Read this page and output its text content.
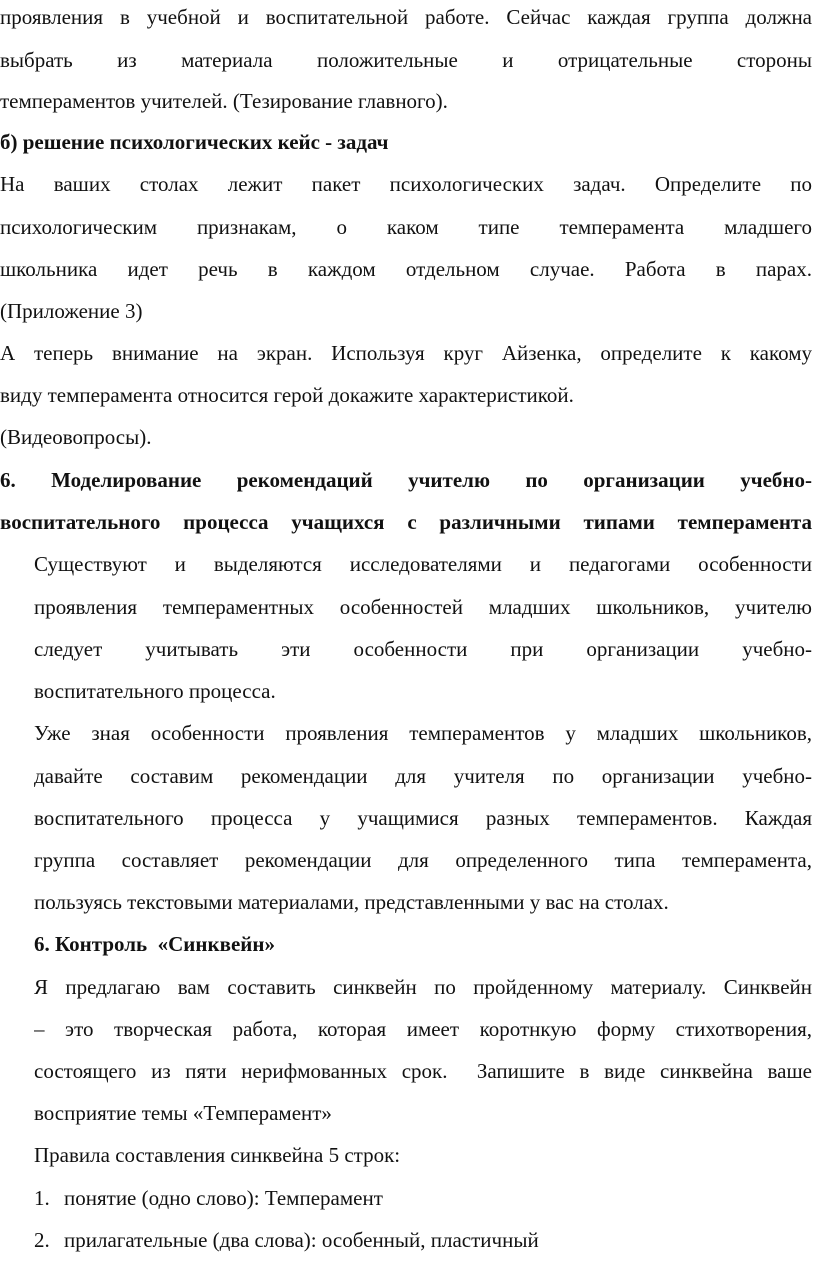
проявления в учебной и воспитательной работе. Сейчас каждая группа должна
выбрать из материала положительные и отрицательные стороны
темпераментов учителей. (Тезирование главного).
б) решение психологических кейс - задач
На ваших столах лежит пакет психологических задач. Определите по
психологическим признакам, о каком типе темперамента младшего
школьника идет речь в каждом отдельном случае. Работа в парах.
(Приложение 3)
А теперь внимание на экран. Используя круг Айзенка, определите к какому
виду темперамента относится герой докажите характеристикой.
(Видеовопросы).
6. Моделирование рекомендаций учителю по организации учебно-
воспитательного процесса учащихся с различными типами темперамента
Существуют и выделяются исследователями и педагогами особенности
проявления темпераментных особенностей младших школьников, учителю
следует учитывать эти особенности при организации учебно-
воспитательного процесса.
Уже зная особенности проявления темпераментов у младших школьников,
давайте составим рекомендации для учителя по организации учебно-
воспитательного процесса у учащимися разных темпераментов. Каждая
группа составляет рекомендации для определенного типа темперамента,
пользуясь текстовыми материалами, представленными у вас на столах.
6. Контроль  «Синквейн»
Я предлагаю вам составить синквейн по пройденному материалу. Синквейн
– это творческая работа, которая имеет коротнкую форму стихотворения,
состоящего из пяти нерифмованных срок.  Запишите в виде синквейна ваше
восприятие темы «Темперамент»
Правила составления синквейна 5 строк:
1. понятие (одно слово): Темперамент
2. прилагательные (два слова): особенный, пластичный
